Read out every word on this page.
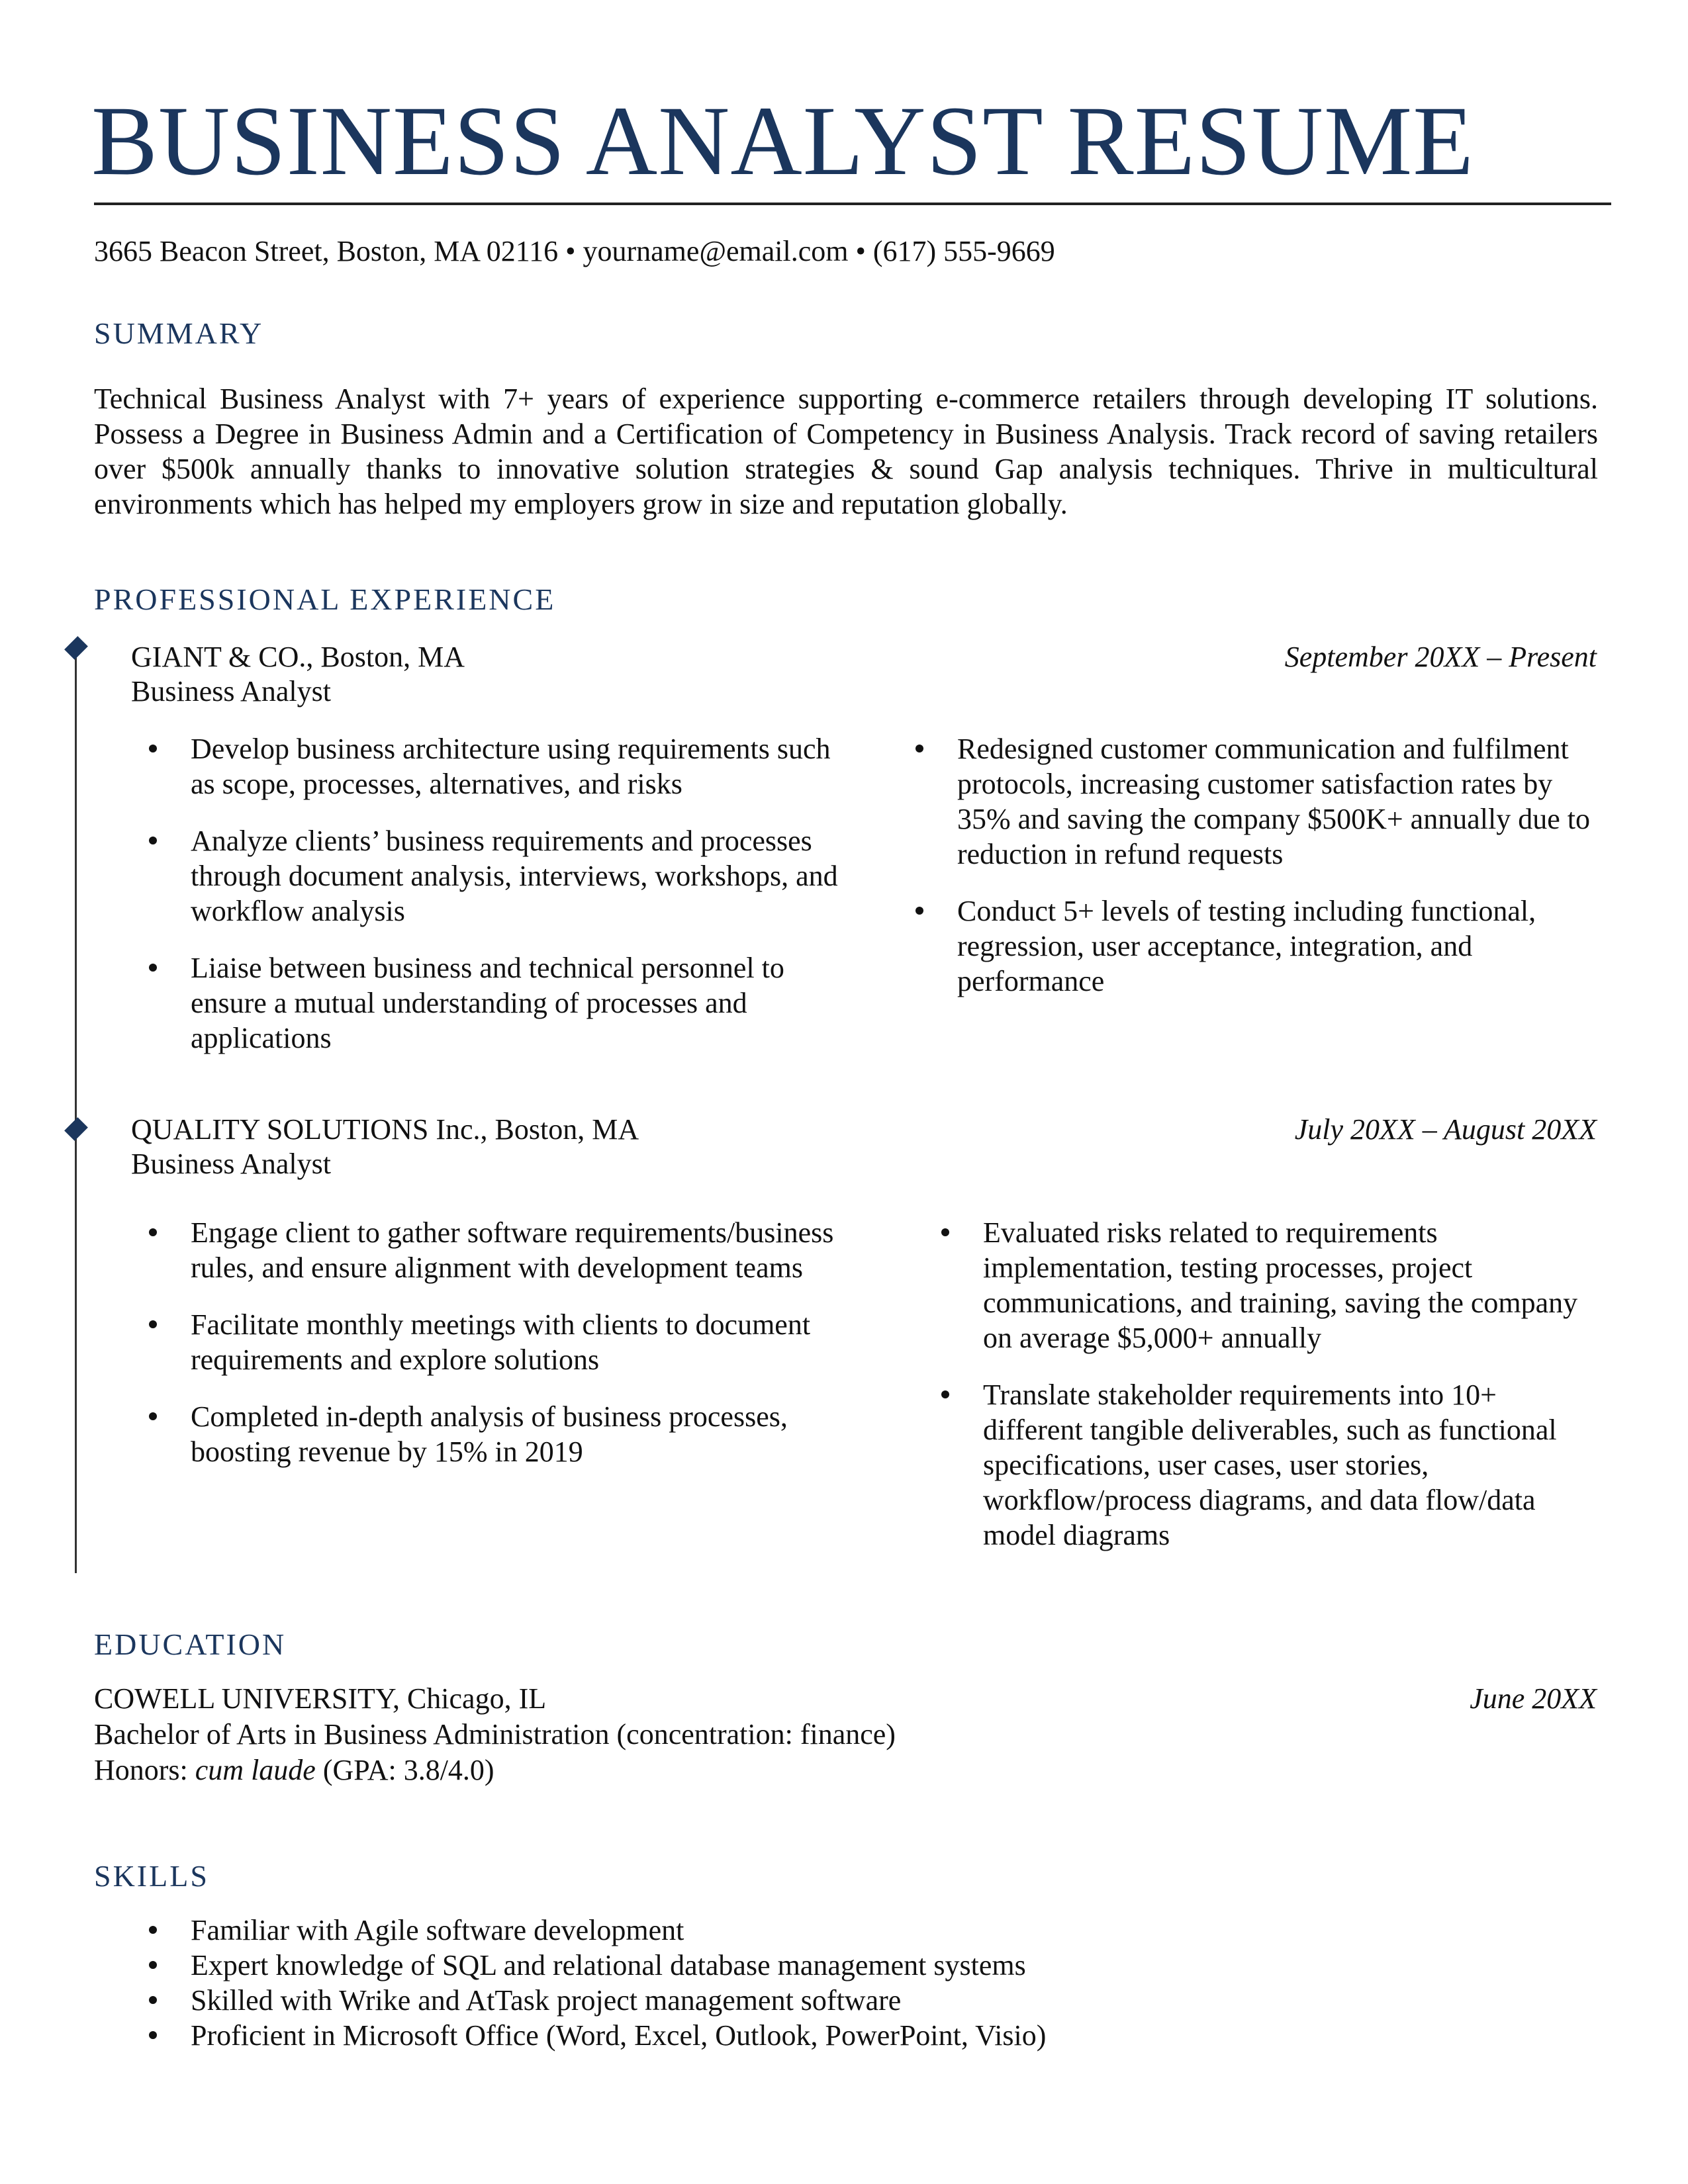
BUSINESS ANALYST RESUME
3665 Beacon Street, Boston, MA 02116 • yourname@email.com • (617) 555-9669
SUMMARY
Technical Business Analyst with 7+ years of experience supporting e-commerce retailers through developing IT solutions. Possess a Degree in Business Admin and a Certification of Competency in Business Analysis. Track record of saving retailers over $500k annually thanks to innovative solution strategies & sound Gap analysis techniques. Thrive in multicultural environments which has helped my employers grow in size and reputation globally.
PROFESSIONAL EXPERIENCE
GIANT & CO., Boston, MA
Business Analyst
September 20XX – Present
Develop business architecture using requirements such as scope, processes, alternatives, and risks
Analyze clients’ business requirements and processes through document analysis, interviews, workshops, and workflow analysis
Liaise between business and technical personnel to ensure a mutual understanding of processes and applications
Redesigned customer communication and fulfilment protocols, increasing customer satisfaction rates by 35% and saving the company $500K+ annually due to reduction in refund requests
Conduct 5+ levels of testing including functional, regression, user acceptance, integration, and performance
QUALITY SOLUTIONS Inc., Boston, MA
Business Analyst
July 20XX – August 20XX
Engage client to gather software requirements/business rules, and ensure alignment with development teams
Facilitate monthly meetings with clients to document requirements and explore solutions
Completed in-depth analysis of business processes, boosting revenue by 15% in 2019
Evaluated risks related to requirements implementation, testing processes, project communications, and training, saving the company on average $5,000+ annually
Translate stakeholder requirements into 10+ different tangible deliverables, such as functional specifications, user cases, user stories, workflow/process diagrams, and data flow/data model diagrams
EDUCATION
COWELL UNIVERSITY, Chicago, IL	June 20XX
Bachelor of Arts in Business Administration (concentration: finance)
Honors: cum laude (GPA: 3.8/4.0)
SKILLS
Familiar with Agile software development
Expert knowledge of SQL and relational database management systems
Skilled with Wrike and AtTask project management software
Proficient in Microsoft Office (Word, Excel, Outlook, PowerPoint, Visio)
